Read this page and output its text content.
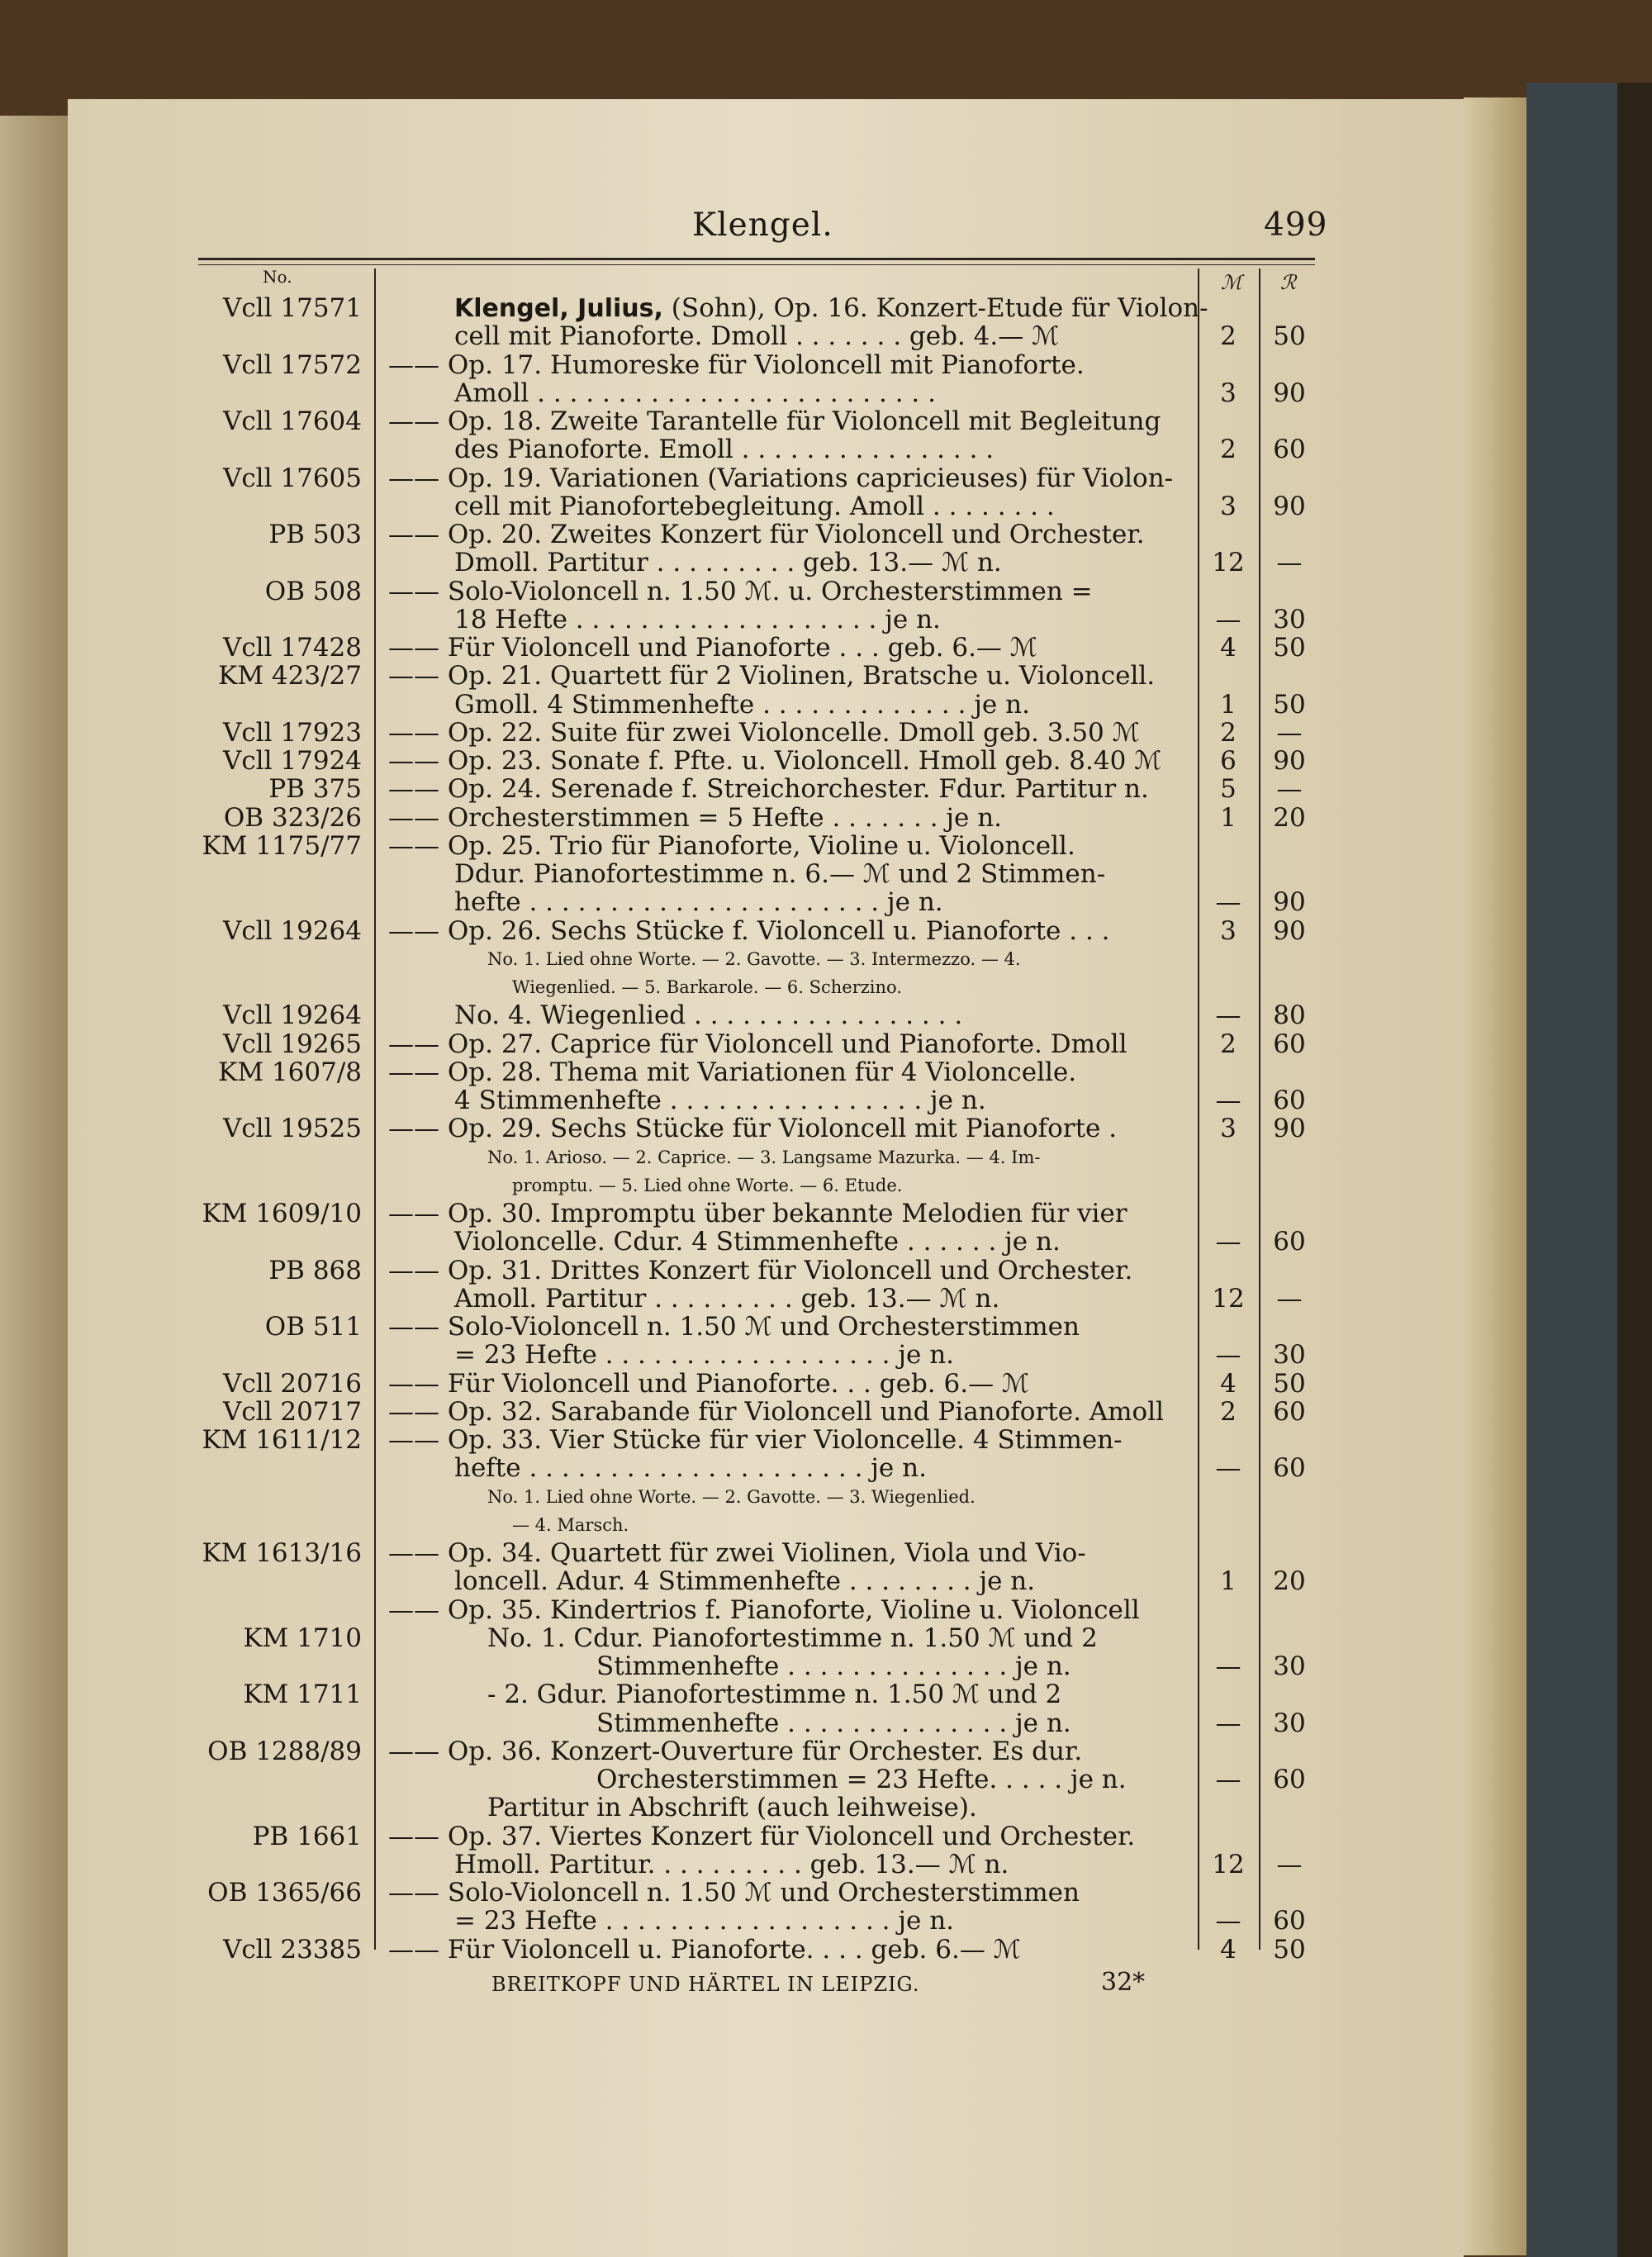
Klengel.	499
No.	ℳ ℛ
Vcll 17571	Klengel, Julius, (Sohn), Op. 16. Konzert-Etude für Violon-
cell mit Pianoforte. Dmoll . . . . . . . geb. 4.— ℳ	2	50
Vcll 17572 —— Op. 17. Humoreske für Violoncell mit Pianoforte.
Amoll . . . . . . . . . . . . . . . . . . . . . . . . .	3	90
Vcll 17604 —— Op. 18. Zweite Tarantelle für Violoncell mit Begleitung
des Pianoforte. Emoll . . . . . . . . . . . . . . . .	2	60
Vcll 17605 —— Op. 19. Variationen (Variations capricieuses) für Violon-
cell mit Pianofortebegleitung. Amoll . . . . . . . .	3	90
PB 503 —— Op. 20. Zweites Konzert für Violoncell und Orchester.
Dmoll. Partitur . . . . . . . . . geb. 13.— ℳ n.	12	—
OB 508 —— Solo-Violoncell n. 1.50 ℳ. u. Orchesterstimmen =
18 Hefte . . . . . . . . . . . . . . . . . . . je n.	—	30
Vcll 17428 —— Für Violoncell und Pianoforte . . . geb. 6.— ℳ	4	50
KM 423/27 —— Op. 21. Quartett für 2 Violinen, Bratsche u. Violoncell.
Gmoll. 4 Stimmenhefte . . . . . . . . . . . . . je n.	1	50
Vcll 17923 —— Op. 22. Suite für zwei Violoncelle. Dmoll geb. 3.50 ℳ	2	—
Vcll 17924 —— Op. 23. Sonate f. Pfte. u. Violoncell. Hmoll geb. 8.40 ℳ	6	90
PB 375 —— Op. 24. Serenade f. Streichorchester. Fdur. Partitur n.	5	—
OB 323/26 —— Orchesterstimmen = 5 Hefte . . . . . . . je n.	1	20
KM 1175/77 —— Op. 25. Trio für Pianoforte, Violine u. Violoncell.
Ddur. Pianofortestimme n. 6.— ℳ und 2 Stimmen-
hefte . . . . . . . . . . . . . . . . . . . . . . je n.	—	90
Vcll 19264 —— Op. 26. Sechs Stücke f. Violoncell u. Pianoforte . . .	3	90
No. 1. Lied ohne Worte. — 2. Gavotte. — 3. Intermezzo. — 4.
Wiegenlied. — 5. Barkarole. — 6. Scherzino.
Vcll 19264	No. 4. Wiegenlied . . . . . . . . . . . . . . . . .	—	80
Vcll 19265 —— Op. 27. Caprice für Violoncell und Pianoforte. Dmoll	2	60
KM 1607/8 —— Op. 28. Thema mit Variationen für 4 Violoncelle.
4 Stimmenhefte . . . . . . . . . . . . . . . . je n.	—	60
Vcll 19525 —— Op. 29. Sechs Stücke für Violoncell mit Pianoforte .	3	90
No. 1. Arioso. — 2. Caprice. — 3. Langsame Mazurka. — 4. Im-
promptu. — 5. Lied ohne Worte. — 6. Etude.
KM 1609/10 —— Op. 30. Impromptu über bekannte Melodien für vier
Violoncelle. Cdur. 4 Stimmenhefte . . . . . . je n.	—	60
PB 868 —— Op. 31. Drittes Konzert für Violoncell und Orchester.
Amoll. Partitur . . . . . . . . . geb. 13.— ℳ n.	12	—
OB 511 —— Solo-Violoncell n. 1.50 ℳ und Orchesterstimmen
= 23 Hefte . . . . . . . . . . . . . . . . . . je n.	—	30
Vcll 20716 —— Für Violoncell und Pianoforte. . . geb. 6.— ℳ	4	50
Vcll 20717 —— Op. 32. Sarabande für Violoncell und Pianoforte. Amoll	2	60
KM 1611/12 —— Op. 33. Vier Stücke für vier Violoncelle. 4 Stimmen-
hefte . . . . . . . . . . . . . . . . . . . . . je n.	—	60
No. 1. Lied ohne Worte. — 2. Gavotte. — 3. Wiegenlied.
— 4. Marsch.
KM 1613/16 —— Op. 34. Quartett für zwei Violinen, Viola und Vio-
loncell. Adur. 4 Stimmenhefte . . . . . . . . je n.	1	20
—— Op. 35. Kindertrios f. Pianoforte, Violine u. Violoncell
KM 1710	No. 1. Cdur. Pianofortestimme n. 1.50 ℳ und 2
Stimmenhefte . . . . . . . . . . . . . . je n.	—	30
KM 1711	- 2. Gdur. Pianofortestimme n. 1.50 ℳ und 2
Stimmenhefte . . . . . . . . . . . . . . je n.	—	30
OB 1288/89 —— Op. 36. Konzert-Ouverture für Orchester. Es dur.
Orchesterstimmen = 23 Hefte. . . . . je n.	—	60
Partitur in Abschrift (auch leihweise).
PB 1661 —— Op. 37. Viertes Konzert für Violoncell und Orchester.
Hmoll. Partitur. . . . . . . . . . geb. 13.— ℳ n.	12	—
OB 1365/66 —— Solo-Violoncell n. 1.50 ℳ und Orchesterstimmen
= 23 Hefte . . . . . . . . . . . . . . . . . . je n.	—	60
Vcll 23385 —— Für Violoncell u. Pianoforte. . . . geb. 6.— ℳ	4	50
BREITKOPF UND HÄRTEL IN LEIPZIG.	32*
